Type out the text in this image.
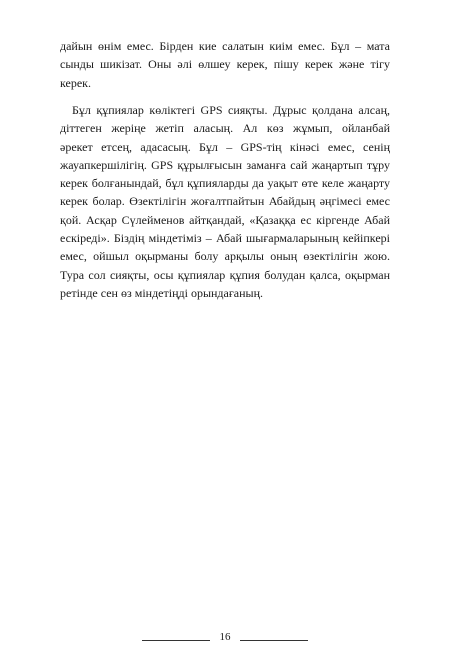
дайын өнім емес. Бірден кие салатын киім емес. Бұл – мата
сынды шикізат. Оны әлі өлшеу керек, пішу керек және тігу
керек.

Бұл құпиялар көліктегі GPS сияқты. Дұрыс қолдана алсаң,
діттеген жеріңе жетіп аласың. Ал көз жұмып, ойланбай
әрекет етсең, адасасың. Бұл – GPS-тің кінәсі емес, сенің
жауапкершілігің. GPS құрылғысын заманға сай жаңартып тұру
керек болғанындай, бұл құпияларды да уақыт өте келе жаңарту
керек болар. Өзектілігін жоғалтпайтын Абайдың әңгімесі емес
қой. Асқар Сүлейменов айтқандай, «Қазаққа ес кіргенде Абай
ескіреді». Біздің міндетіміз – Абай шығармаларының кейіпкері
емес, ойшыл оқырманы болу арқылы оның өзектілігін жою.
Тура сол сияқты, осы құпиялар құпия болудан қалса, оқырман
ретінде сен өз міндетіңді орындағаның.

16
